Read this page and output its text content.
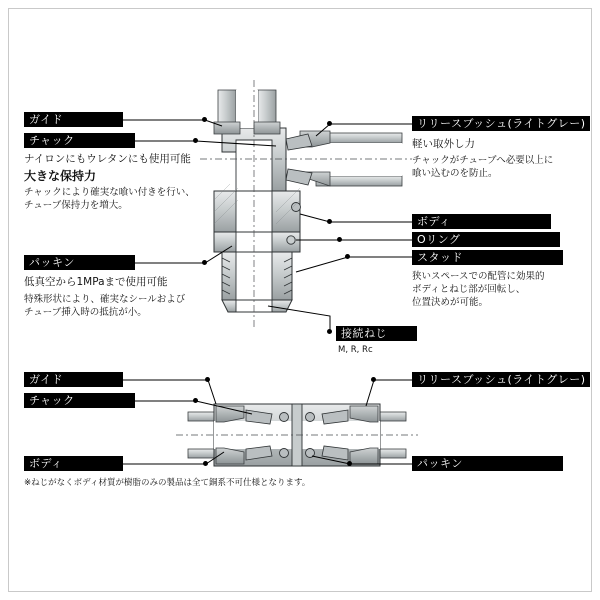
ガイド
チャック
ナイロンにもウレタンにも使用可能
大きな保持力
チャックにより確実な喰い付きを行い、
チューブ保持力を増大。
パッキン
低真空から1MPaまで使用可能
特殊形状により、確実なシールおよび
チューブ挿入時の抵抗が小。
リリースブッシュ(ライトグレー)
軽い取外し力
チャックがチューブへ必要以上に
喰い込むのを防止。
ボディ
Oリング
スタッド
狭いスペースでの配管に効果的
ボディとねじ部が回転し、
位置決めが可能。
接続ねじ
M, R, Rc
ガイド
チャック
ボディ
リリースブッシュ(ライトグレー)
パッキン
※ねじがなくボディ材質が樹脂のみの製品は全て銅系不可仕様となります。
